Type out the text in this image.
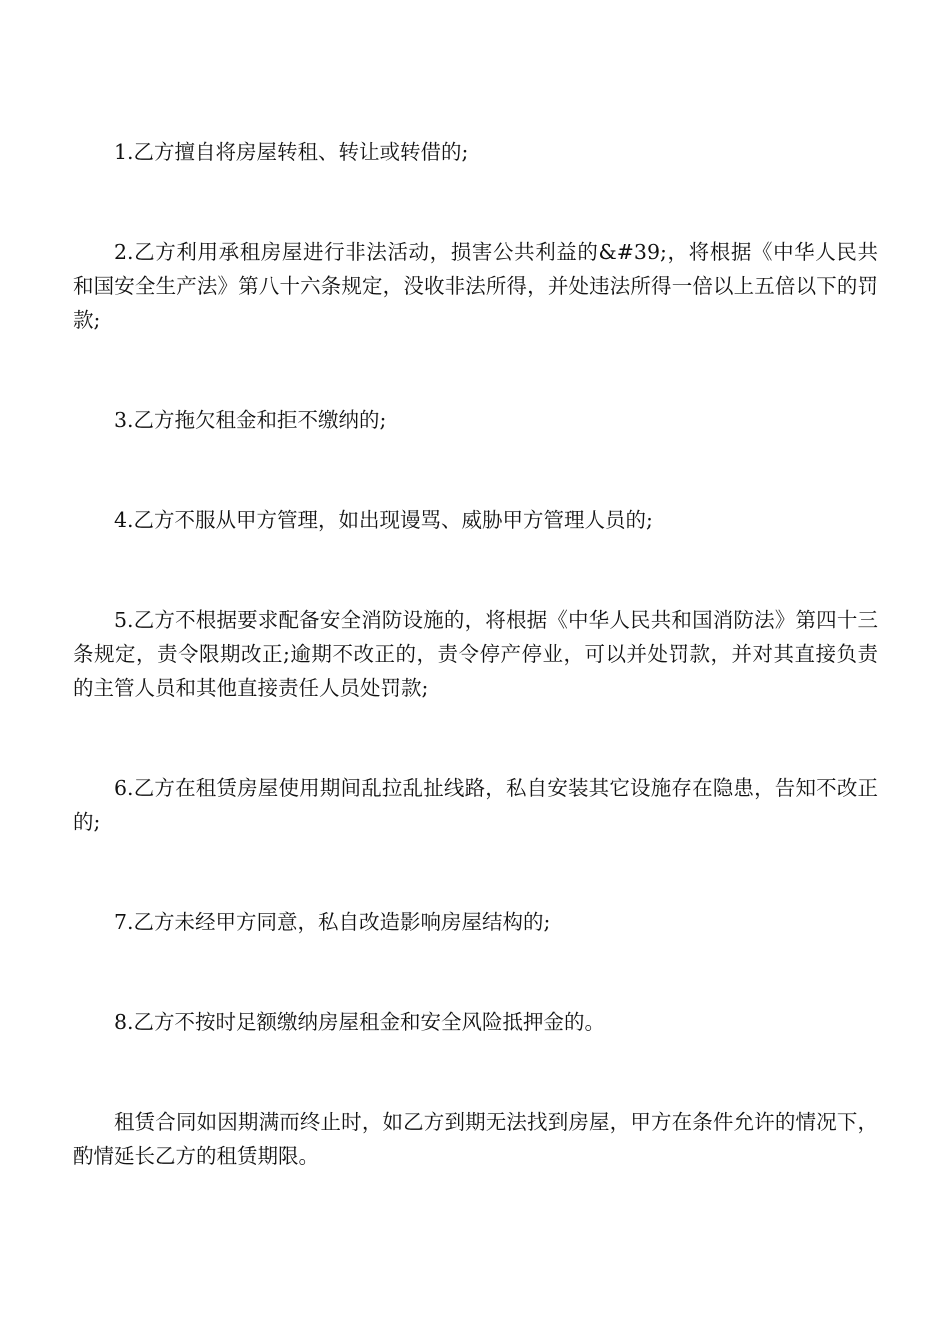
1.乙方擅自将房屋转租、转让或转借的;

2.乙方利用承租房屋进行非法活动，损害公共利益的&#39;，将根据《中华人民共和国安全生产法》第八十六条规定，没收非法所得，并处违法所得一倍以上五倍以下的罚款;

3.乙方拖欠租金和拒不缴纳的;

4.乙方不服从甲方管理，如出现谩骂、威胁甲方管理人员的;

5.乙方不根据要求配备安全消防设施的，将根据《中华人民共和国消防法》第四十三条规定，责令限期改正;逾期不改正的，责令停产停业，可以并处罚款，并对其直接负责的主管人员和其他直接责任人员处罚款;

6.乙方在租赁房屋使用期间乱拉乱扯线路，私自安装其它设施存在隐患，告知不改正的;

7.乙方未经甲方同意，私自改造影响房屋结构的;

8.乙方不按时足额缴纳房屋租金和安全风险抵押金的。

租赁合同如因期满而终止时，如乙方到期无法找到房屋，甲方在条件允许的情况下，酌情延长乙方的租赁期限。
